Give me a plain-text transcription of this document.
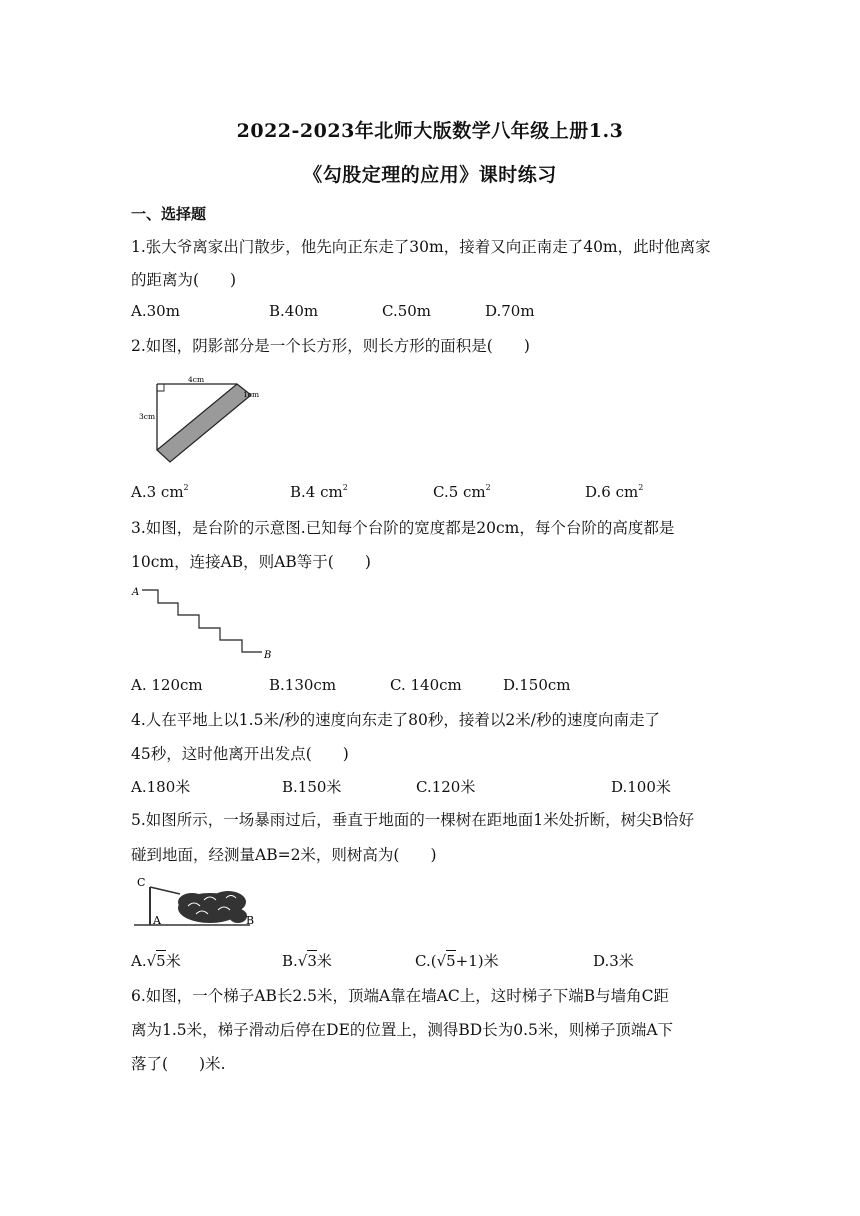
2022-2023年北师大版数学八年级上册1.3
《勾股定理的应用》课时练习
一、选择题
1.张大爷离家出门散步，他先向正东走了30m，接着又向正南走了40m，此时他离家
的距离为(　　)
A.30m	B.40m	C.50m	D.70m
2.如图，阴影部分是一个长方形，则长方形的面积是(　　)
4cm
3cm
1cm
A.3 $cm^2$	B.4 $cm^2$	C.5 $cm^2$	D.6 $cm^2$
3.如图，是台阶的示意图.已知每个台阶的宽度都是20cm，每个台阶的高度都是
10cm，连接AB，则AB等于(　　)
A
B
A. 120cm	B.130cm	C. 140cm	D.150cm
4.人在平地上以1.5米/秒的速度向东走了80秒，接着以2米/秒的速度向南走了
45秒，这时他离开出发点(　　)
A.180米	B.150米	C.120米	D.100米
5.如图所示，一场暴雨过后，垂直于地面的一棵树在距地面1米处折断，树尖B恰好
碰到地面，经测量AB=2米，则树高为(　　)
C
A	B
A.√5米	B.√3米	C.(√5+1)米	D.3米
6.如图，一个梯子AB长2.5米，顶端A靠在墙AC上，这时梯子下端B与墙角C距
离为1.5米，梯子滑动后停在DE的位置上，测得BD长为0.5米，则梯子顶端A下
落了(　　)米.
